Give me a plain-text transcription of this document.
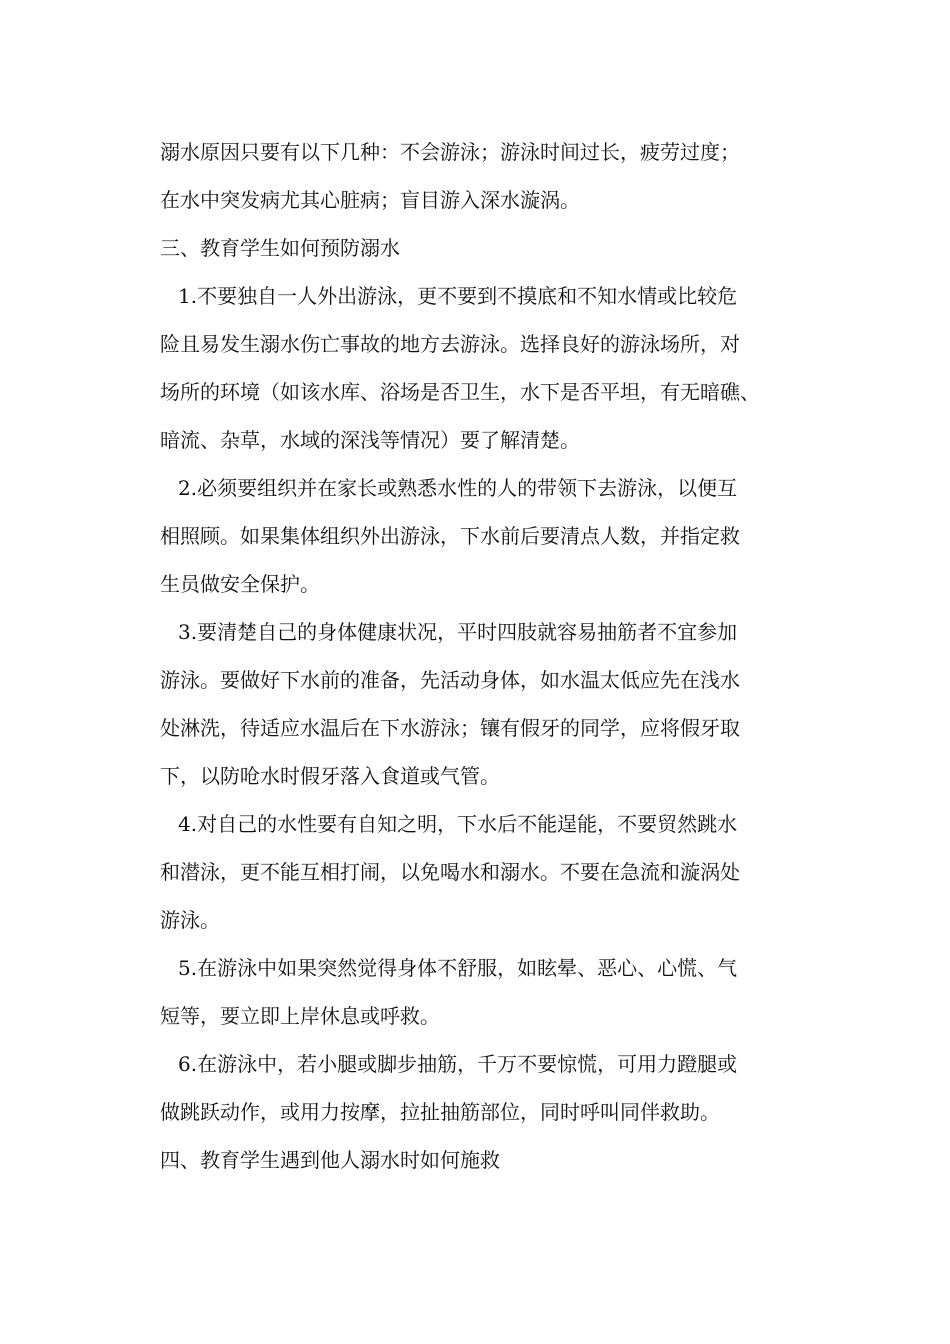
溺水原因只要有以下几种：不会游泳；游泳时间过长，疲劳过度；
在水中突发病尤其心脏病；盲目游入深水漩涡。
三、教育学生如何预防溺水
1.不要独自一人外出游泳，更不要到不摸底和不知水情或比较危
险且易发生溺水伤亡事故的地方去游泳。选择良好的游泳场所，对
场所的环境（如该水库、浴场是否卫生，水下是否平坦，有无暗礁、
暗流、杂草，水域的深浅等情况）要了解清楚。
2.必须要组织并在家长或熟悉水性的人的带领下去游泳，以便互
相照顾。如果集体组织外出游泳，下水前后要清点人数，并指定救
生员做安全保护。
3.要清楚自己的身体健康状况，平时四肢就容易抽筋者不宜参加
游泳。要做好下水前的准备，先活动身体，如水温太低应先在浅水
处淋洗，待适应水温后在下水游泳；镶有假牙的同学，应将假牙取
下，以防呛水时假牙落入食道或气管。
4.对自己的水性要有自知之明，下水后不能逞能，不要贸然跳水
和潜泳，更不能互相打闹，以免喝水和溺水。不要在急流和漩涡处
游泳。
5.在游泳中如果突然觉得身体不舒服，如眩晕、恶心、心慌、气
短等，要立即上岸休息或呼救。
6.在游泳中，若小腿或脚步抽筋，千万不要惊慌，可用力蹬腿或
做跳跃动作，或用力按摩，拉扯抽筋部位，同时呼叫同伴救助。
四、教育学生遇到他人溺水时如何施救
